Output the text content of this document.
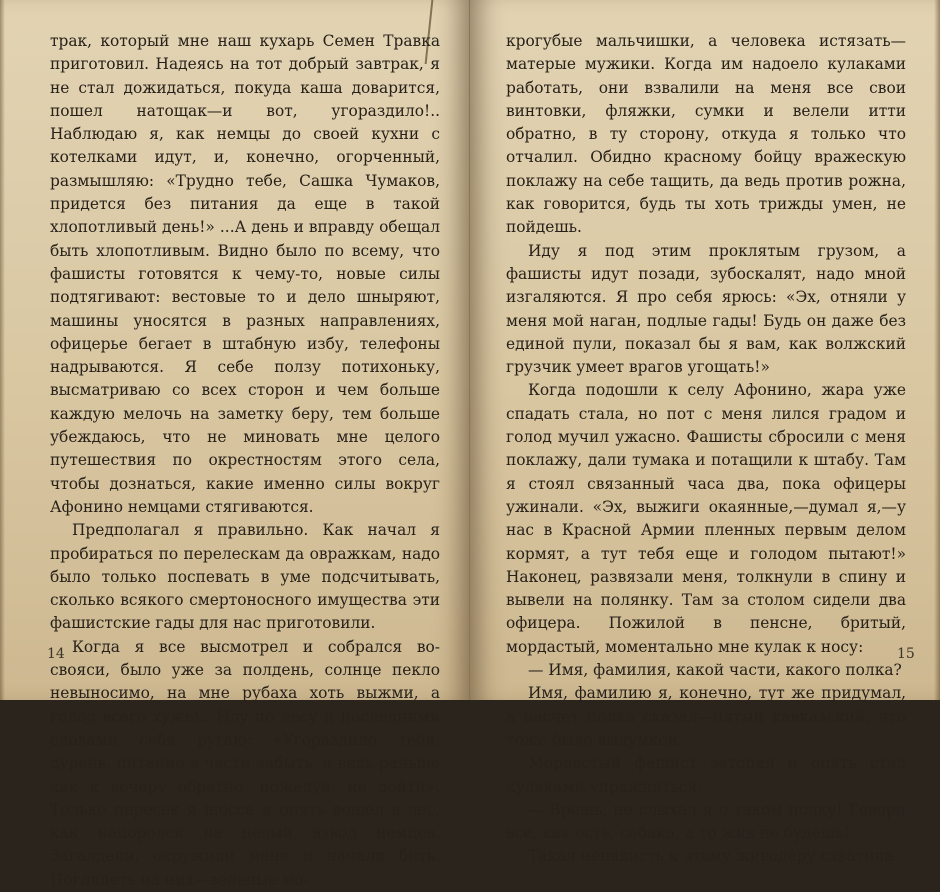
трак, который мне наш кухарь Семен Травка приготовил. Надеясь на тот добрый завтрак, я не стал дожидаться, покуда каша доварится, пошел натощак—и вот, угораздило!.. Наблюдаю я, как немцы до своей кухни с котелками идут, и, конечно, огорченный, размышляю: «Трудно тебе, Сашка Чумаков, придется без питания да еще в такой хлопотливый день!» ...А день и вправду обещал быть хлопотливым. Видно было по всему, что фашисты готовятся к чему-то, новые силы подтягивают: вестовые то и дело шныряют, машины уносятся в разных направлениях, офицерье бегает в штабную избу, телефоны надрываются. Я себе ползу потихоньку, высматриваю со всех сторон и чем больше каждую мелочь на заметку беру, тем больше убеждаюсь, что не миновать мне целого путешествия по окрестностям этого села, чтобы дознаться, какие именно силы вокруг Афонино немцами стягиваются.

Предполагал я правильно. Как начал я пробираться по перелескам да овражкам, надо было только поспевать в уме подсчитывать, сколько всякого смертоносного имущества эти фашистские гады для нас приготовили.

Когда я все высмотрел и собрался во-свояси, было уже за полдень, солнце пекло невыносимо, на мне рубаха хоть выжми, а голод всего хуже!.. Иду по лесу и последними словами себя ругаю: «Угораздило тебя, дурень, питание в части забыть, а ведь раньше как к вечеру обратно, пожалуй, не дойти». Только пересек я шоссе и опять вошел в лес, как напоролся на целый взвод немцев. Загалдели, окружили меня и начали бить. Поглядеть на них—зеленые мо-

14

крогубые мальчишки, а человека истязать—матерые мужики. Когда им надоело кулаками работать, они взвалили на меня все свои винтовки, фляжки, сумки и велели итти обратно, в ту сторону, откуда я только что отчалил. Обидно красному бойцу вражескую поклажу на себе тащить, да ведь против рожна, как говорится, будь ты хоть трижды умен, не пойдешь.

Иду я под этим проклятым грузом, а фашисты идут позади, зубоскалят, надо мной изгаляются. Я про себя ярюсь: «Эх, отняли у меня мой наган, подлые гады! Будь он даже без единой пули, показал бы я вам, как волжский грузчик умеет врагов угощать!»

Когда подошли к селу Афонино, жара уже спадать стала, но пот с меня лился градом и голод мучил ужасно. Фашисты сбросили с меня поклажу, дали тумака и потащили к штабу. Там я стоял связанный часа два, пока офицеры ужинали. «Эх, выжиги окаянные,—думал я,—у нас в Красной Армии пленных первым делом кормят, а тут тебя еще и голодом пытают!» Наконец, развязали меня, толкнули в спину и вывели на полянку. Там за столом сидели два офицера. Пожилой в пенсне, бритый, мордастый, моментально мне кулак к носу:

— Имя, фамилия, какой части, какого полка?

Имя, фамилию я, конечно, тут же придумал, а насчет полка сказал—пятый кавказский, что тоже было выдумкой.

Мордастый фашист затопал и опять стал кулаками упражняться:

— Врешь, не слыхал я о таком полку! Говори все, как есть, собака, а то жив не будешь!

Такая ненависть к этому живодеру схватила

15
